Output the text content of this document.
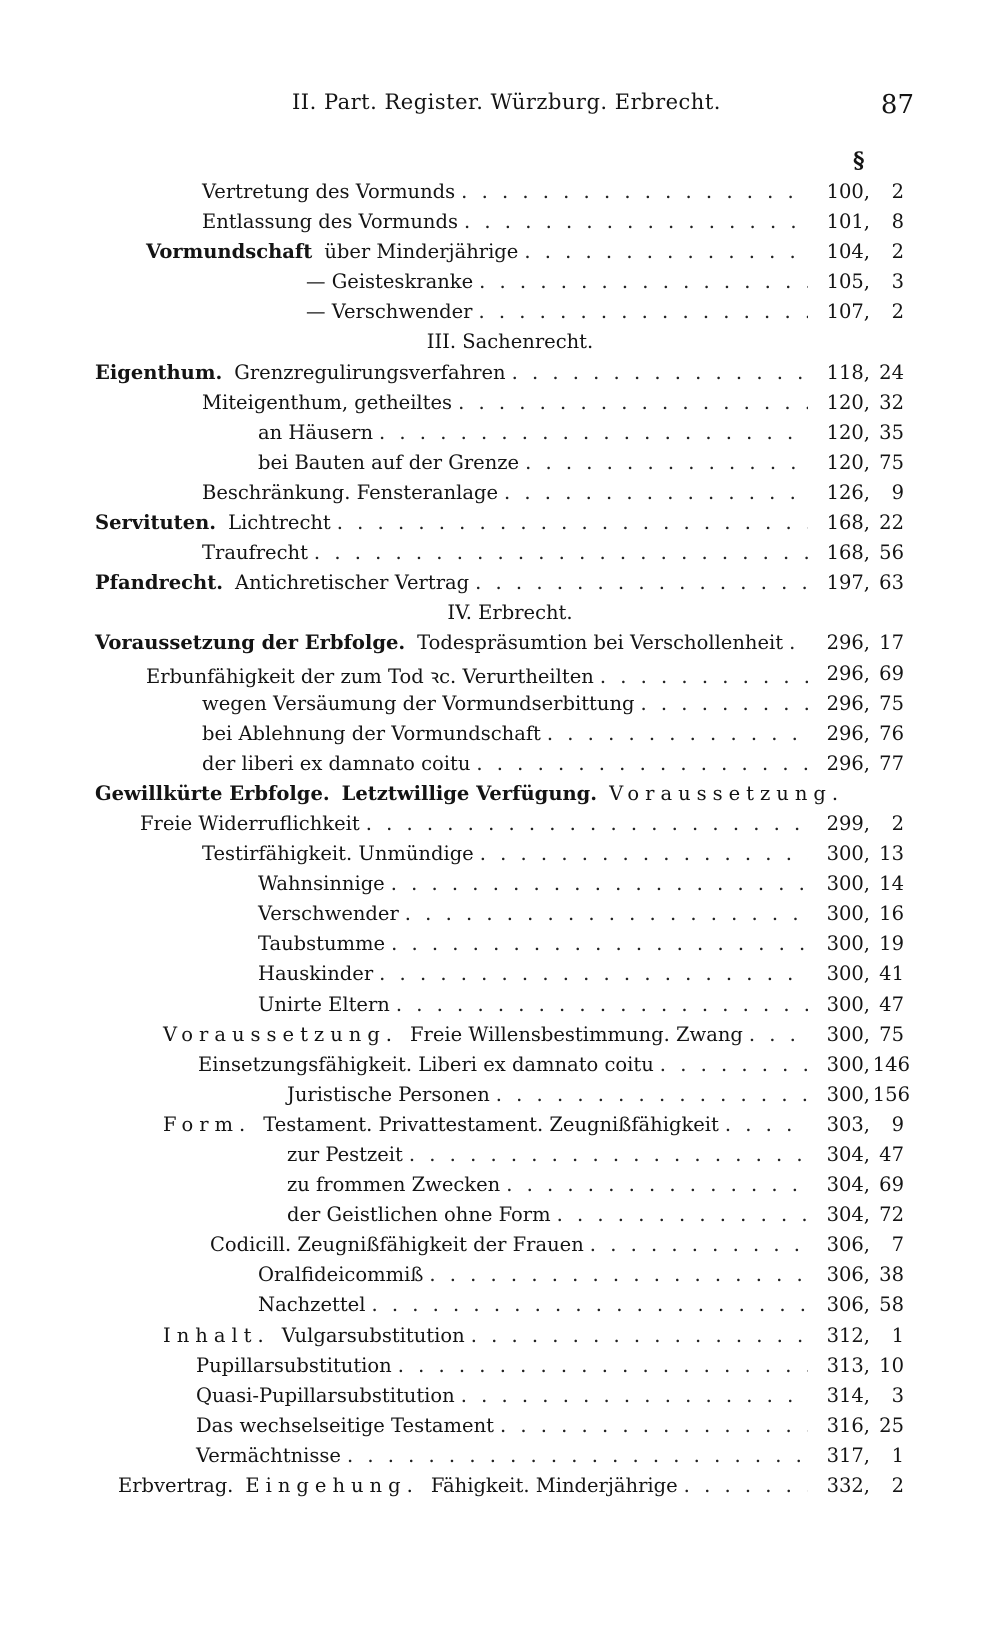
II. Part. Register. Würzburg. Erbrecht.	87
§
Vertretung des Vormunds . . .	100, 2
Entlassung des Vormunds . . .	101, 8
Vormundschaft über Minderjährige . . .	104, 2
— Geisteskranke . . .	105, 3
— Verschwender . . .	107, 2
III. Sachenrecht.
Eigenthum. Grenzregulirungsverfahren . . .	118, 24
Miteigenthum, getheiltes . . .	120, 32
an Häusern . . .	120, 35
bei Bauten auf der Grenze . . .	120, 75
Beschränkung. Fensteranlage . . .	126, 9
Servituten. Lichtrecht . . .	168, 22
Traufrecht . . .	168, 56
Pfandrecht. Antichretischer Vertrag . . .	197, 63
IV. Erbrecht.
Voraussetzung der Erbfolge. Todespräsumtion bei Verschollenheit . . .	296, 17
Erbunfähigkeit der zum Tod ꝛc. Verurtheilten . . .	296, 69
wegen Versäumung der Vormundserbittung . . .	296, 75
bei Ablehnung der Vormundschaft . . .	296, 76
der liberi ex damnato coitu . . .	296, 77
Gewillkürte Erbfolge. Letztwillige Verfügung. Voraussetzung.
Freie Widerruflichkeit . . .	299, 2
Testirfähigkeit. Unmündige . . .	300, 13
Wahnsinnige . . .	300, 14
Verschwender . . .	300, 16
Taubstumme . . .	300, 19
Hauskinder . . .	300, 41
Unirte Eltern . . .	300, 47
Voraussetzung. Freie Willensbestimmung. Zwang . . .	300, 75
Einsetzungsfähigkeit. Liberi ex damnato coitu . . .	300, 146
Juristische Personen . . .	300, 156
Form. Testament. Privattestament. Zeugnißfähigkeit . . .	303, 9
zur Pestzeit . . .	304, 47
zu frommen Zwecken . . .	304, 69
der Geistlichen ohne Form . . .	304, 72
Codicill. Zeugnißfähigkeit der Frauen . . .	306, 7
Oralfideicommiß . . .	306, 38
Nachzettel . . .	306, 58
Inhalt. Vulgarsubstitution . . .	312, 1
Pupillarsubstitution . . .	313, 10
Quasi-Pupillarsubstitution . . .	314, 3
Das wechselseitige Testament . . .	316, 25
Vermächtnisse . . .	317, 1
Erbvertrag. Eingehung. Fähigkeit. Minderjährige . . .	332, 2
